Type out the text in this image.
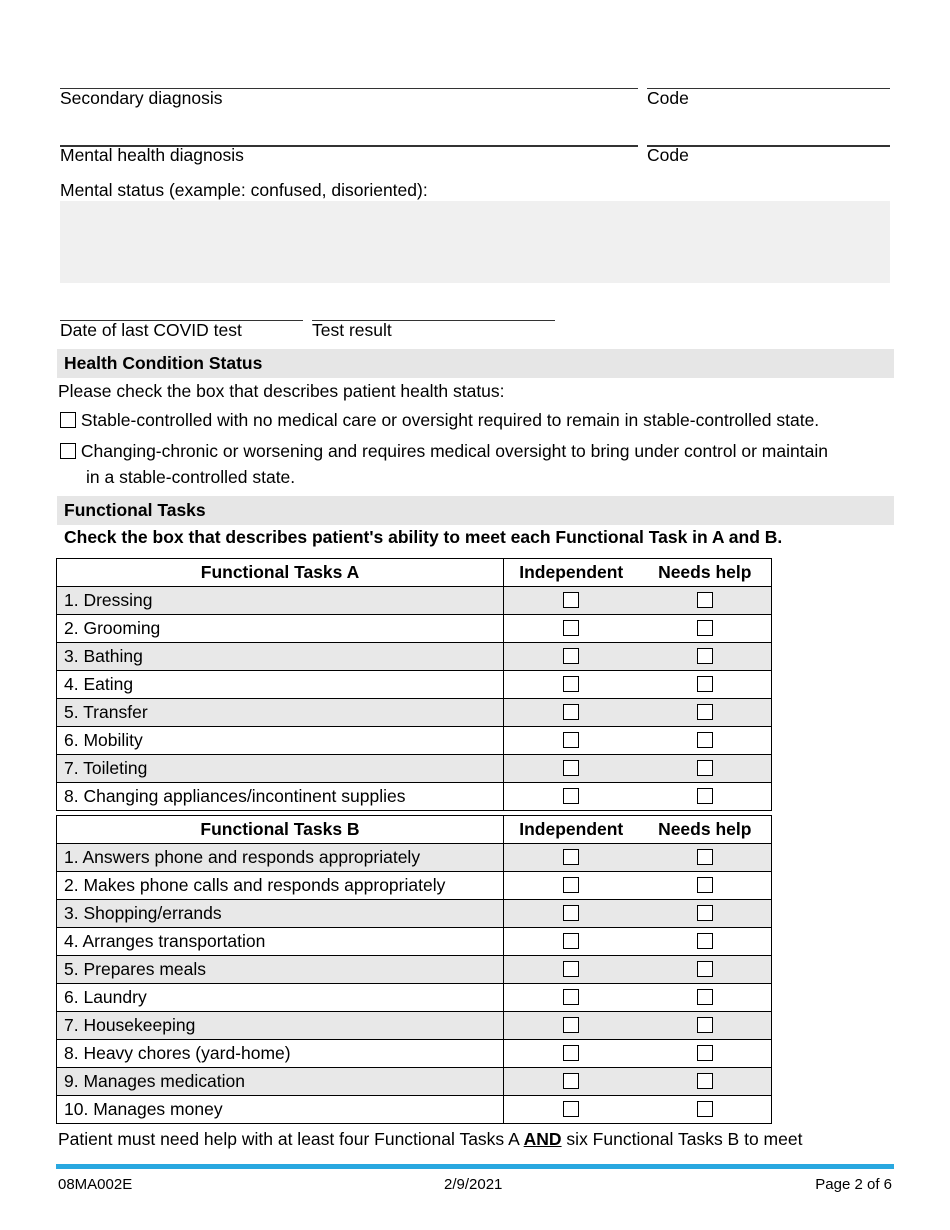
Secondary diagnosis	Code
Mental health diagnosis	Code
Mental status (example: confused, disoriented):
Date of last COVID test	Test result
Health Condition Status
Please check the box that describes patient health status:
Stable-controlled with no medical care or oversight required to remain in stable-controlled state.
Changing-chronic or worsening and requires medical oversight to bring under control or maintain
in a stable-controlled state.
Functional Tasks
Check the box that describes patient's ability to meet each Functional Task in A and B.
Functional Tasks A	Independent	Needs help
1. Dressing		
2. Grooming		
3. Bathing		
4. Eating		
5. Transfer		
6. Mobility		
7. Toileting		
8. Changing appliances/incontinent supplies		
Functional Tasks B	Independent	Needs help
1. Answers phone and responds appropriately		
2. Makes phone calls and responds appropriately		
3. Shopping/errands		
4. Arranges transportation		
5. Prepares meals		
6. Laundry		
7. Housekeeping		
8. Heavy chores (yard-home)		
9. Manages medication		
10. Manages money		
Patient must need help with at least four Functional Tasks A AND six Functional Tasks B to meet
08MA002E	2/9/2021	Page 2 of 6
